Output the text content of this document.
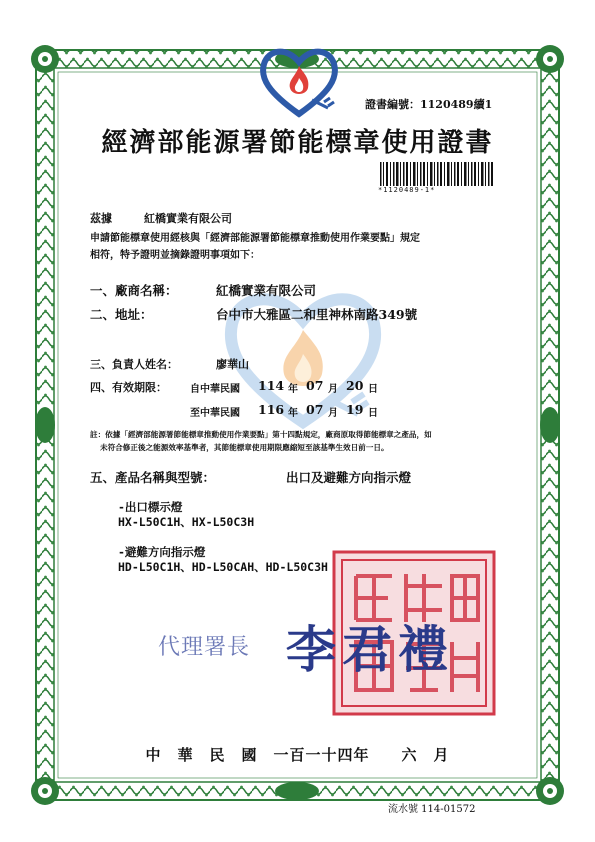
證書編號：1120489續1
經濟部能源署節能標章使用證書
*1120489-1*
茲據	紅橋實業有限公司
申請節能標章使用經核與「經濟部能源署節能標章推動使用作業要點」規定
相符，特予證明並摘錄證明事項如下：
一、廠商名稱：	紅橋實業有限公司
二、地址：	台中市大雅區二和里神林南路349號
三、負責人姓名：	廖華山
四、有效期限： 自中華民國 114 年 07 月 20 日
至中華民國 116 年 07 月 19 日
註：依據「經濟部能源署節能標章推動使用作業要點」第十四點規定，廠商原取得節能標章之產品，如
未符合修正後之能源效率基準者，其節能標章使用期限應縮短至該基準生效日前一日。
五、產品名稱與型號：	出口及避難方向指示燈
-出口標示燈
HX-L50C1H、HX-L50C3H
-避難方向指示燈
HD-L50C1H、HD-L50CAH、HD-L50C3H
代理署長 李君禮
中　華　民　國　一百一十四年　　六　月
流水號 114-01572
